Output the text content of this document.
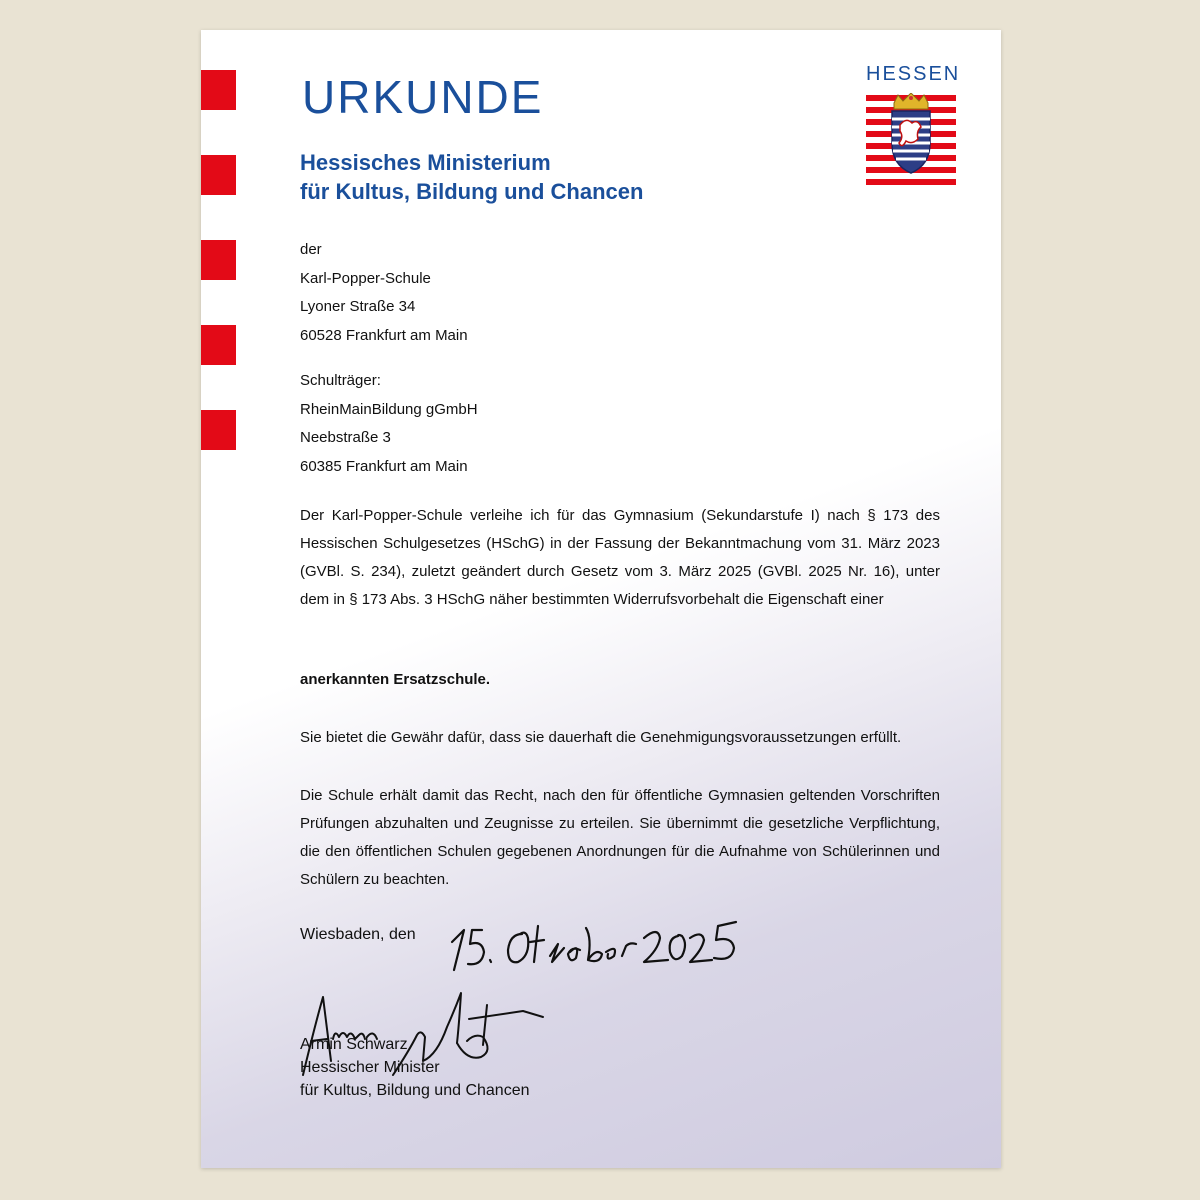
URKUNDE
Hessisches Ministerium
für Kultus, Bildung und Chancen
HESSEN

der
Karl-Popper-Schule
Lyoner Straße 34
60528 Frankfurt am Main

Schulträger:
RheinMainBildung gGmbH
Neebstraße 3
60385 Frankfurt am Main

Der Karl-Popper-Schule verleihe ich für das Gymnasium (Sekundarstufe I) nach § 173 des Hessischen Schulgesetzes (HSchG) in der Fassung der Bekanntmachung vom 31. März 2023 (GVBl. S. 234), zuletzt geändert durch Gesetz vom 3. März 2025 (GVBl. 2025 Nr. 16), unter dem in § 173 Abs. 3 HSchG näher bestimmten Widerrufsvorbehalt die Eigenschaft einer

anerkannten Ersatzschule.

Sie bietet die Gewähr dafür, dass sie dauerhaft die Genehmigungsvoraussetzungen erfüllt.

Die Schule erhält damit das Recht, nach den für öffentliche Gymnasien geltenden Vorschriften Prüfungen abzuhalten und Zeugnisse zu erteilen. Sie übernimmt die gesetzliche Verpflichtung, die den öffentlichen Schulen gegebenen Anordnungen für die Aufnahme von Schülerinnen und Schülern zu beachten.

Wiesbaden, den

Armin Schwarz
Hessischer Minister
für Kultus, Bildung und Chancen
